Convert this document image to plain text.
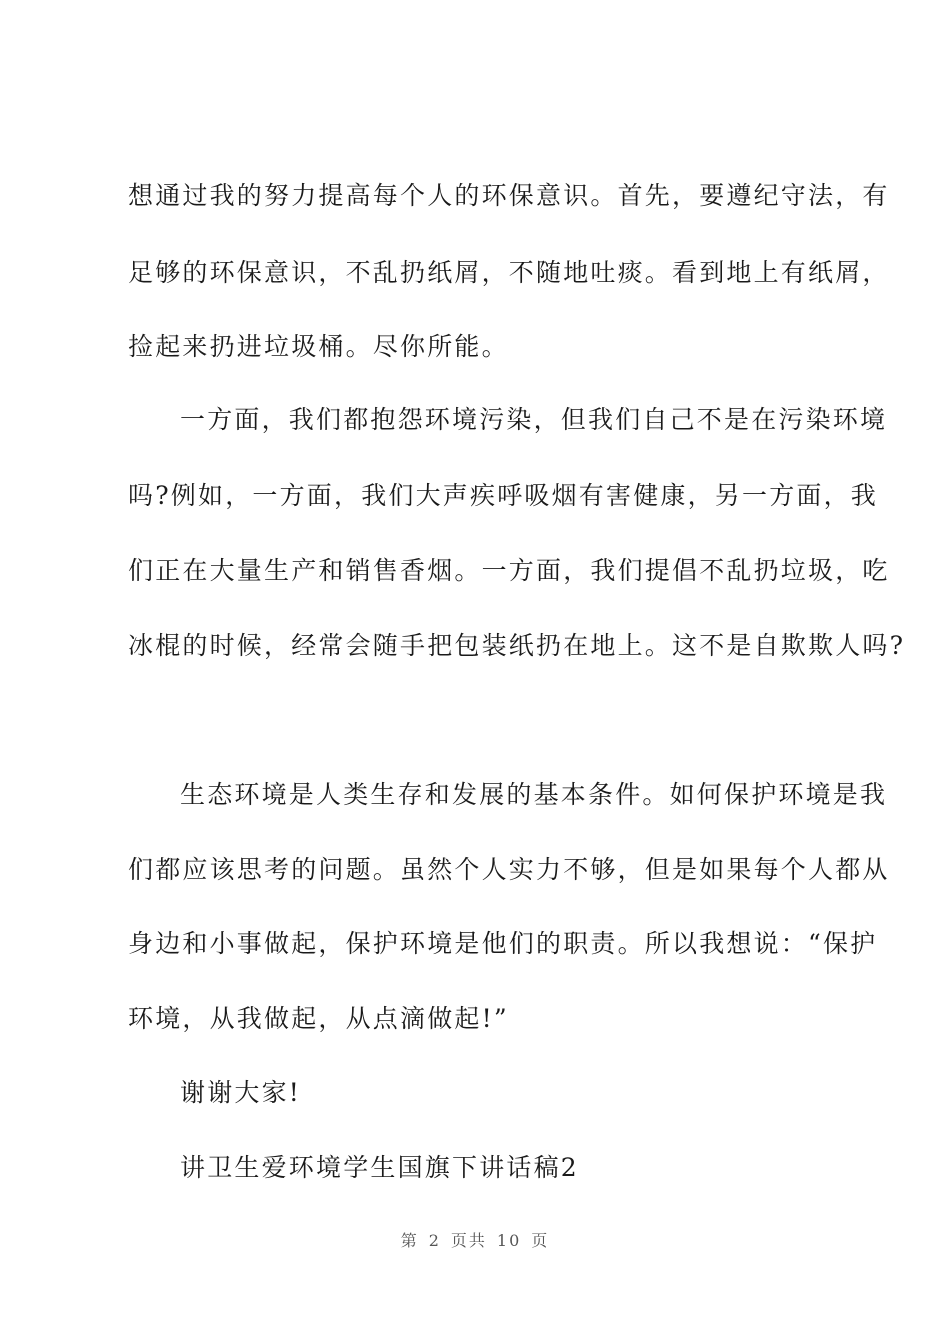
想通过我的努力提高每个人的环保意识。首先，要遵纪守法，有
足够的环保意识，不乱扔纸屑，不随地吐痰。看到地上有纸屑，
捡起来扔进垃圾桶。尽你所能。
一方面，我们都抱怨环境污染，但我们自己不是在污染环境
吗?例如，一方面，我们大声疾呼吸烟有害健康，另一方面，我
们正在大量生产和销售香烟。一方面，我们提倡不乱扔垃圾，吃
冰棍的时候，经常会随手把包装纸扔在地上。这不是自欺欺人吗?
生态环境是人类生存和发展的基本条件。如何保护环境是我
们都应该思考的问题。虽然个人实力不够，但是如果每个人都从
身边和小事做起，保护环境是他们的职责。所以我想说：“保护
环境，从我做起，从点滴做起!”
谢谢大家!
讲卫生爱环境学生国旗下讲话稿2
第 2 页共 10 页
